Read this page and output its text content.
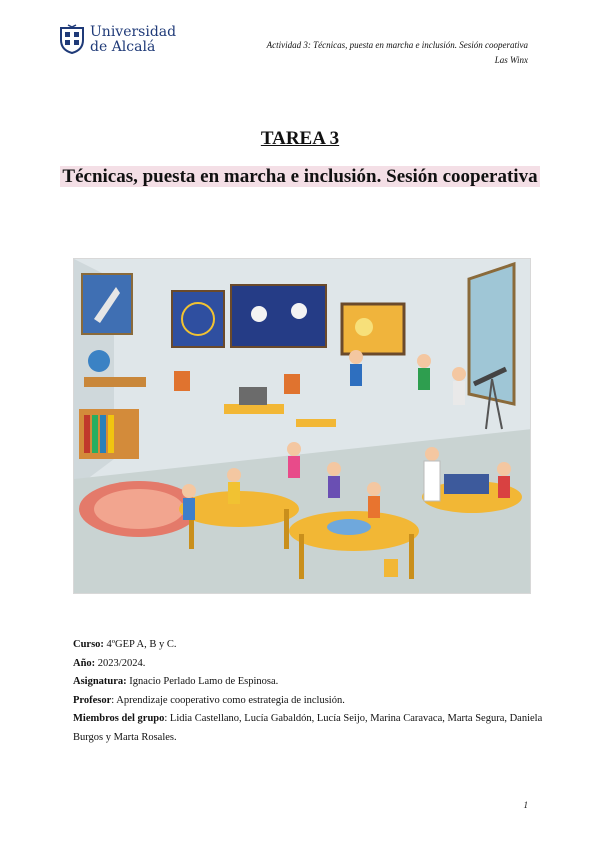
Universidad
de Alcalá	Actividad 3: Técnicas, puesta en marcha e inclusión. Sesión cooperativa
Las Winx
TAREA 3
Técnicas, puesta en marcha e inclusión. Sesión cooperativa

Curso: 4ºGEP A, B y C.

Año: 2023/2024.

Asignatura: Ignacio Perlado Lamo de Espinosa.

Profesor: Aprendizaje cooperativo como estrategia de inclusión.

Miembros del grupo: Lidia Castellano, Lucía Gabaldón, Lucía Seijo, Marina Caravaca, Marta Segura, Daniela Burgos y Marta Rosales.

1
